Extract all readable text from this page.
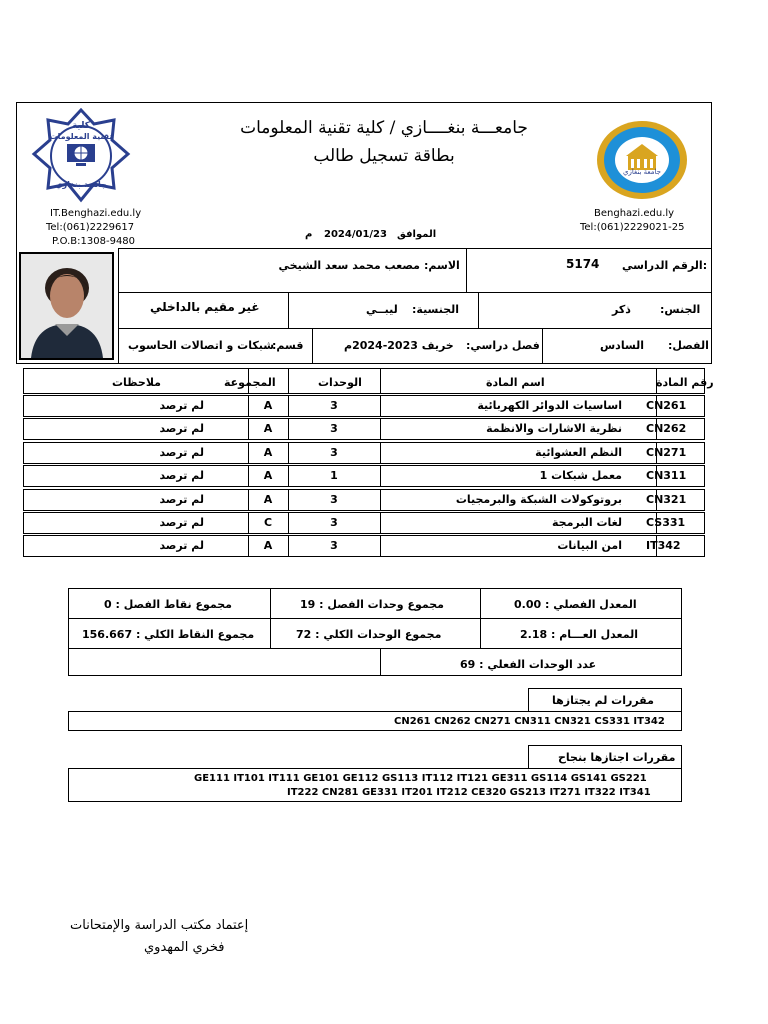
كلية
تقنية المعلومات
جامعة بنغازي
جامعة بنغازي
جامعـــة بنغــــازي / كلية تقنية المعلومات
بطاقة تسجيل طالب
IT.Benghazi.edu.ly
Tel:(061)2229617
P.O.B:1308-9480
Benghazi.edu.ly
Tel:(061)2229021-25
الموافق
2024/01/23
م
الرقم الدراسي:
5174
الاسم:
مصعب محمد سعد الشيخي
الجنس:
ذكر
الجنسية:
ليبــي
غير مقيم بالداخلي
الفصل:
السادس
فصل دراسي:
خريف 2023-2024م
قسم:
شبكات و اتصالات الحاسوب
رقم المادة
اسم المادة
الوحدات
المجموعة
ملاحظات
CN261
اساسيات الدوائر الكهربائية
3
A
لم ترصد
CN262
نظرية الاشارات والانظمة
3
A
لم ترصد
CN271
النظم العشوائية
3
A
لم ترصد
CN311
معمل شبكات 1
1
A
لم ترصد
CN321
بروتوكولات الشبكة والبرمجيات
3
A
لم ترصد
CS331
لغات البرمجة
3
C
لم ترصد
IT342
امن البيانات
3
A
لم ترصد
المعدل الفصلي : 0.00
مجموع وحدات الفصل : 19
مجموع نقاط الفصل : 0
المعدل العـــام : 2.18
مجموع الوحدات الكلي : 72
مجموع النقاط الكلي : 156.667
عدد الوحدات الفعلي : 69
مقررات لم يجتازها
CN261 CN262 CN271 CN311 CN321 CS331 IT342
مقررات اجتازها بنجاح
GE111 IT101 IT111 GE101 GE112 GS113 IT112 IT121 GE311 GS114 GS141 GS221
IT222 CN281 GE331 IT201 IT212 CE320 GS213 IT271 IT322 IT341
إعتماد مكتب الدراسة والإمتحانات
فخري المهدوي
